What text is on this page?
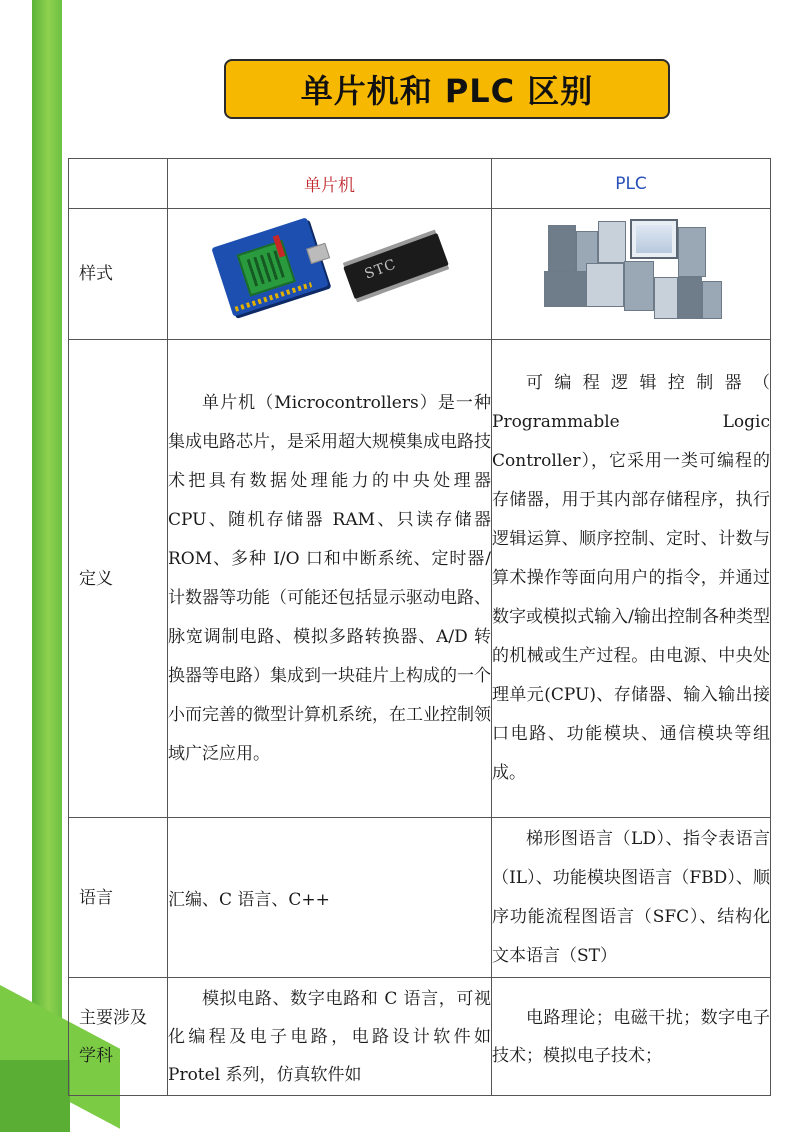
单片机和 PLC 区别
	单片机	PLC
样式	STC	

定义	单片机（Microcontrollers）是一种集成电路芯片，是采用超大规模集成电路技术把具有数据处理能力的中央处理器 CPU、随机存储器 RAM、只读存储器 ROM、多种 I/O 口和中断系统、定时器/计数器等功能（可能还包括显示驱动电路、脉宽调制电路、模拟多路转换器、A/D 转换器等电路）集成到一块硅片上构成的一个小而完善的微型计算机系统，在工业控制领域广泛应用。	可编程逻辑控制器（ Programmable Logic Controller），它采用一类可编程的存储器，用于其内部存储程序，执行逻辑运算、顺序控制、定时、计数与算术操作等面向用户的指令，并通过数字或模拟式输入/输出控制各种类型的机械或生产过程。由电源、中央处理单元(CPU)、存储器、输入输出接口电路、功能模块、通信模块等组成。
语言	汇编、C 语言、C++	梯形图语言（LD）、指令表语言（IL）、功能模块图语言（FBD）、顺序功能流程图语言（SFC）、结构化文本语言（ST）
主要涉及学科	模拟电路、数字电路和 C 语言，可视化编程及电子电路，电路设计软件如 Protel 系列，仿真软件如	电路理论；电磁干扰；数字电子技术；模拟电子技术；
